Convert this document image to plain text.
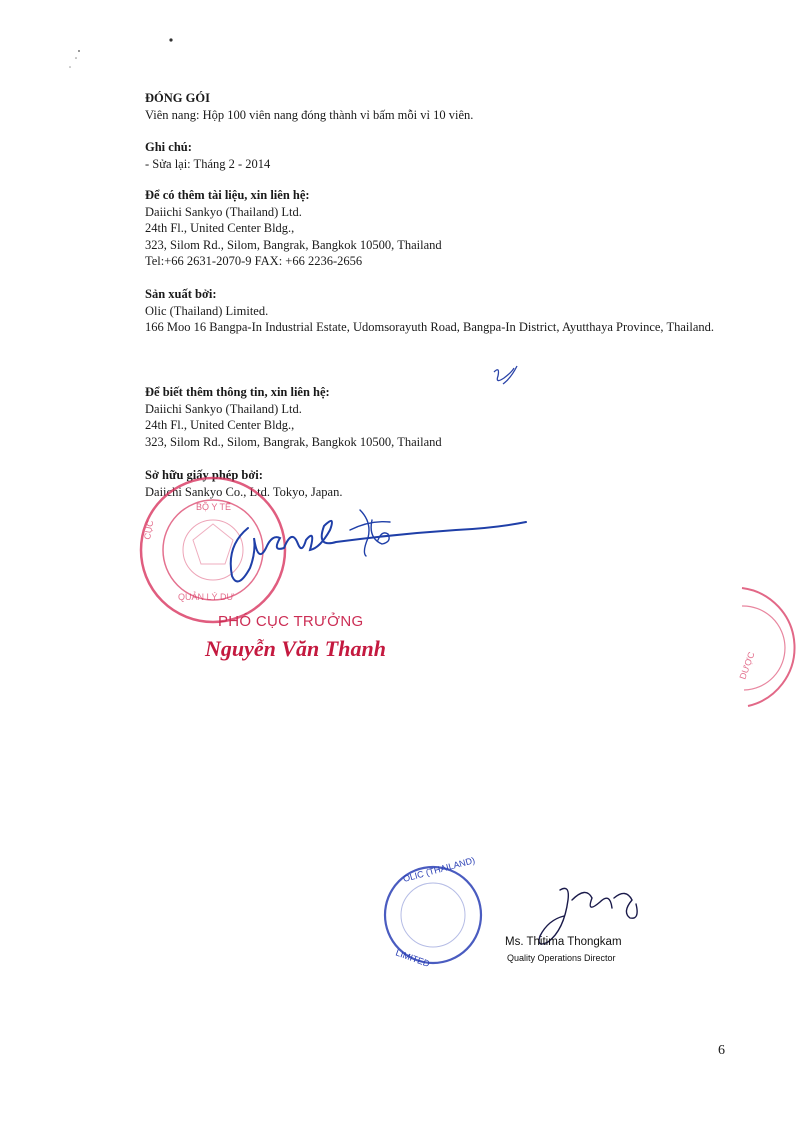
ĐÓNG GÓI

Viên nang: Hộp 100 viên nang đóng thành vỉ bấm mỗi vỉ 10 viên.

Ghi chú:

- Sửa lại: Tháng 2 - 2014

Để có thêm tài liệu, xin liên hệ:

Daiichi Sankyo (Thailand) Ltd.

24th Fl., United Center Bldg.,

323, Silom Rd., Silom, Bangrak, Bangkok 10500, Thailand

Tel:+66 2631-2070-9 FAX: +66 2236-2656

Sản xuất bởi:

Olic (Thailand) Limited.

166 Moo 16 Bangpa-In Industrial Estate, Udomsorayuth Road, Bangpa-In District, Ayutthaya Province, Thailand.

Để biết thêm thông tin, xin liên hệ:

Daiichi Sankyo (Thailand) Ltd.

24th Fl., United Center Bldg.,

323, Silom Rd., Silom, Bangrak, Bangkok 10500, Thailand

Sở hữu giấy phép bởi:

Daiichi Sankyo Co., Ltd. Tokyo, Japan.

BỘ Y TẾ
QUẢN LÝ DƯ
CỤC
DƯỢC
PHÓ CỤC TRƯỞNG
Nguyễn Văn Thanh
OLIC (THAILAND)
LIMITED
Ms. Thitima Thongkam
Quality Operations Director
6
